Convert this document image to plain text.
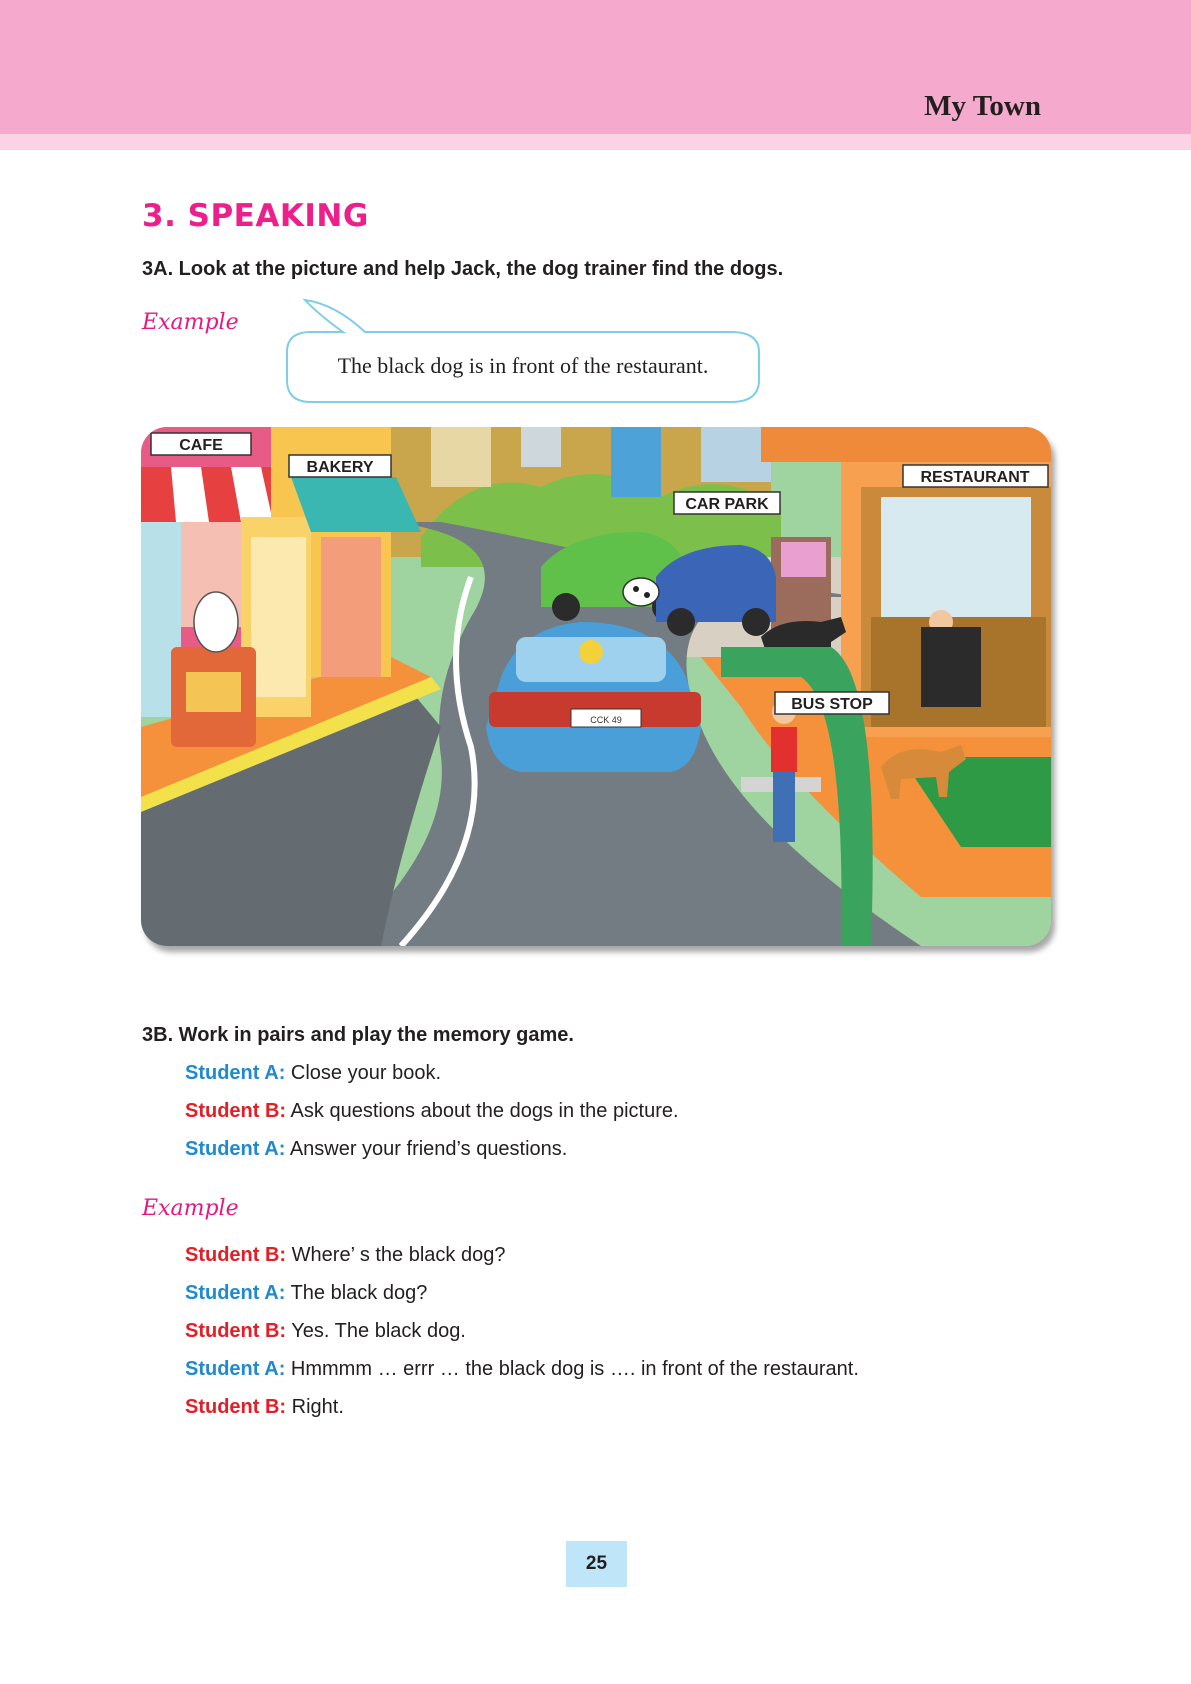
My Town
3. SPEAKING
3A. Look at the picture and help Jack, the dog trainer find the dogs.
Example
The black dog is in front of the restaurant.
CCK 49
CAFE
BAKERY
CAR PARK
RESTAURANT
BUS STOP
3B. Work in pairs and play the memory game.
Student A: Close your book.
Student B: Ask questions about the dogs in the picture.
Student A: Answer your friend’s questions.
Example
Student B: Where’ s the black dog?
Student A: The black dog?
Student B: Yes. The black dog.
Student A: Hmmmm … errr … the black dog is …. in front of the restaurant.
Student B: Right.
25
